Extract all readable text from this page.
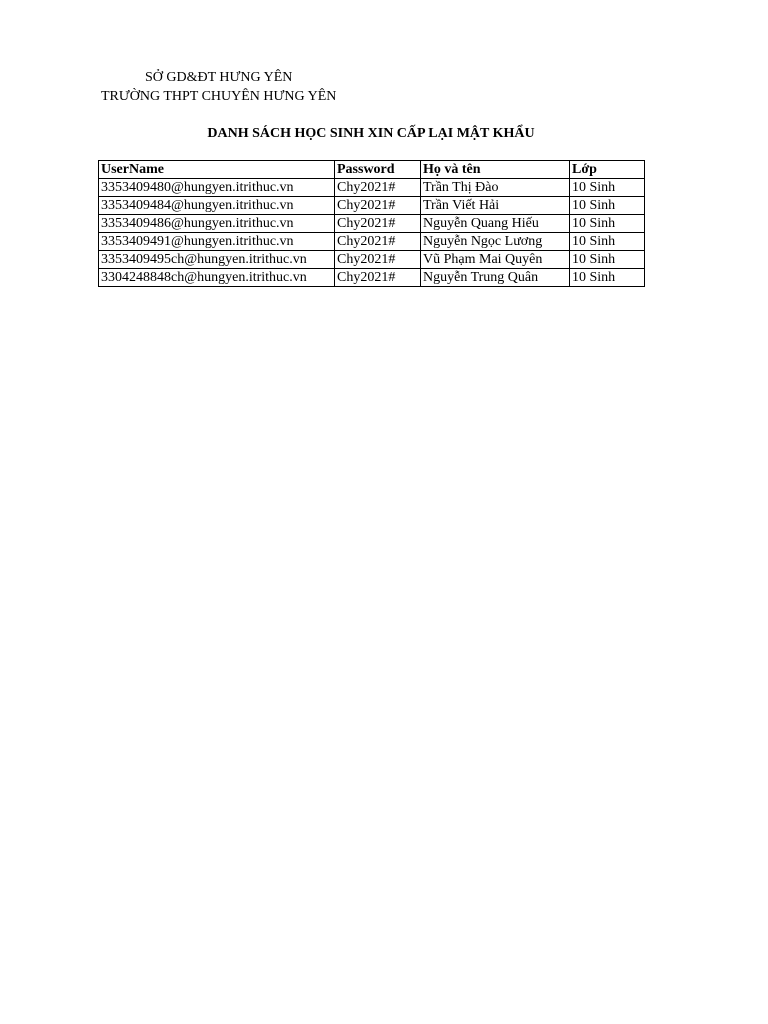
SỞ GD&ĐT HƯNG YÊN
TRƯỜNG THPT CHUYÊN HƯNG YÊN
DANH SÁCH HỌC SINH XIN CẤP LẠI MẬT KHẨU
UserName	Password	Họ và tên	Lớp
3353409480@hungyen.itrithuc.vn	Chy2021#	Trần Thị Đào	10 Sinh
3353409484@hungyen.itrithuc.vn	Chy2021#	Trần Viết Hải	10 Sinh
3353409486@hungyen.itrithuc.vn	Chy2021#	Nguyễn Quang Hiếu	10 Sinh
3353409491@hungyen.itrithuc.vn	Chy2021#	Nguyễn Ngọc Lương	10 Sinh
3353409495ch@hungyen.itrithuc.vn	Chy2021#	Vũ Phạm Mai Quyên	10 Sinh
3304248848ch@hungyen.itrithuc.vn	Chy2021#	Nguyễn Trung Quân	10 Sinh
